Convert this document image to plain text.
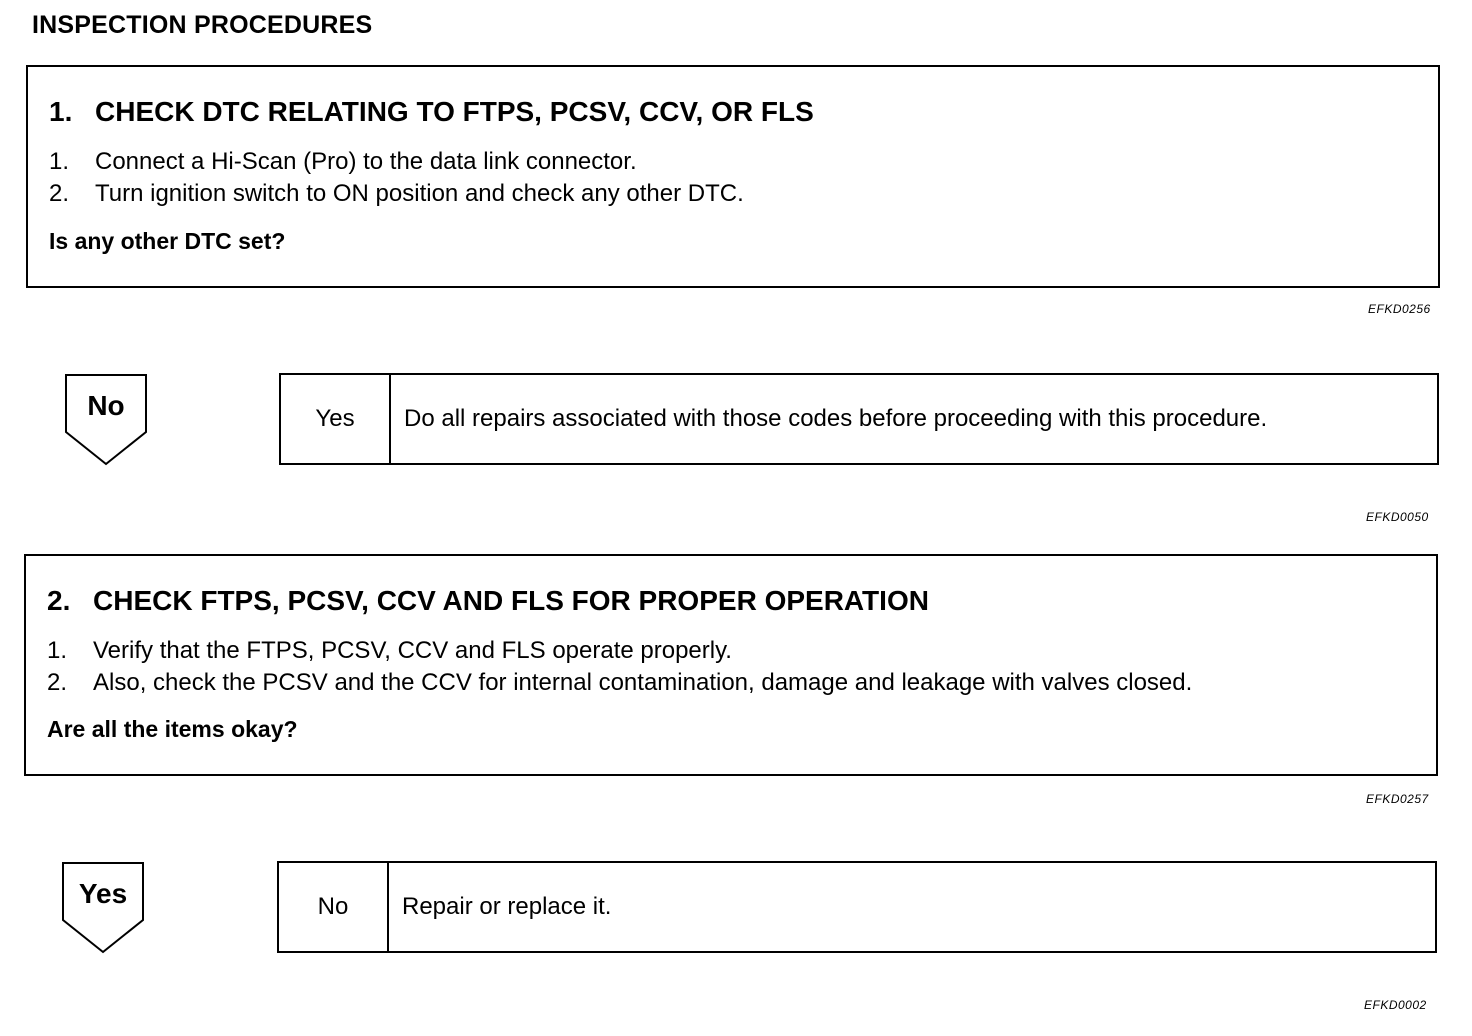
INSPECTION PROCEDURES
1. CHECK DTC RELATING TO FTPS, PCSV, CCV, OR FLS
1. Connect a Hi-Scan (Pro) to the data link connector.
2. Turn ignition switch to ON position and check any other DTC.
Is any other DTC set?
EFKD0256
No	Yes	Do all repairs associated with those codes before proceeding with this procedure.
EFKD0050
2. CHECK FTPS, PCSV, CCV AND FLS FOR PROPER OPERATION
1. Verify that the FTPS, PCSV, CCV and FLS operate properly.
2. Also, check the PCSV and the CCV for internal contamination, damage and leakage with valves closed.
Are all the items okay?
EFKD0257
Yes	No	Repair or replace it.
EFKD0002
